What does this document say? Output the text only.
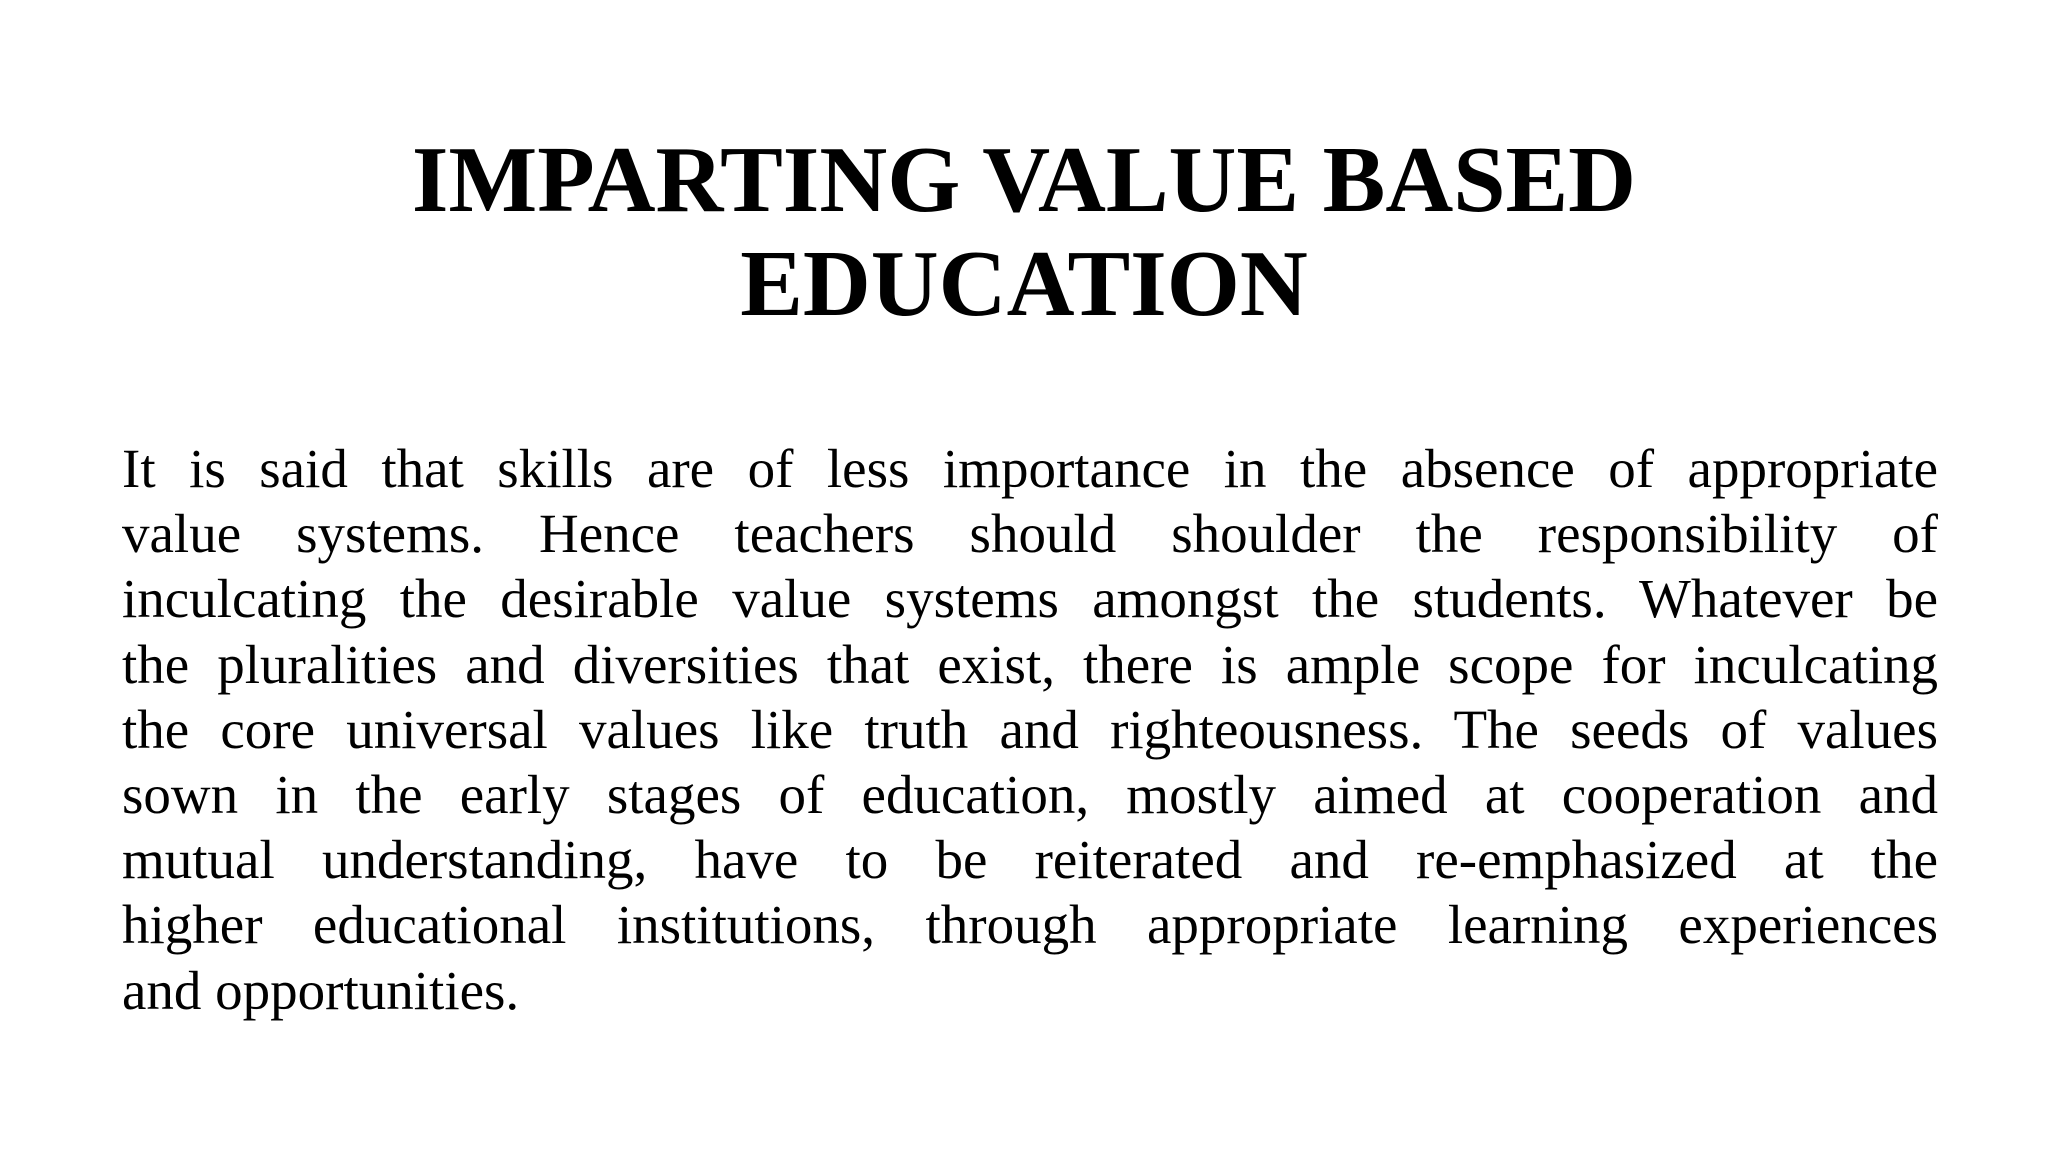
IMPARTING VALUE BASED
EDUCATION
It is said that skills are of less importance in the absence of appropriate
value systems. Hence teachers should shoulder the responsibility of
inculcating the desirable value systems amongst the students. Whatever be
the pluralities and diversities that exist, there is ample scope for inculcating
the core universal values like truth and righteousness. The seeds of values
sown in the early stages of education, mostly aimed at cooperation and
mutual understanding, have to be reiterated and re-emphasized at the
higher educational institutions, through appropriate learning experiences
and opportunities.
